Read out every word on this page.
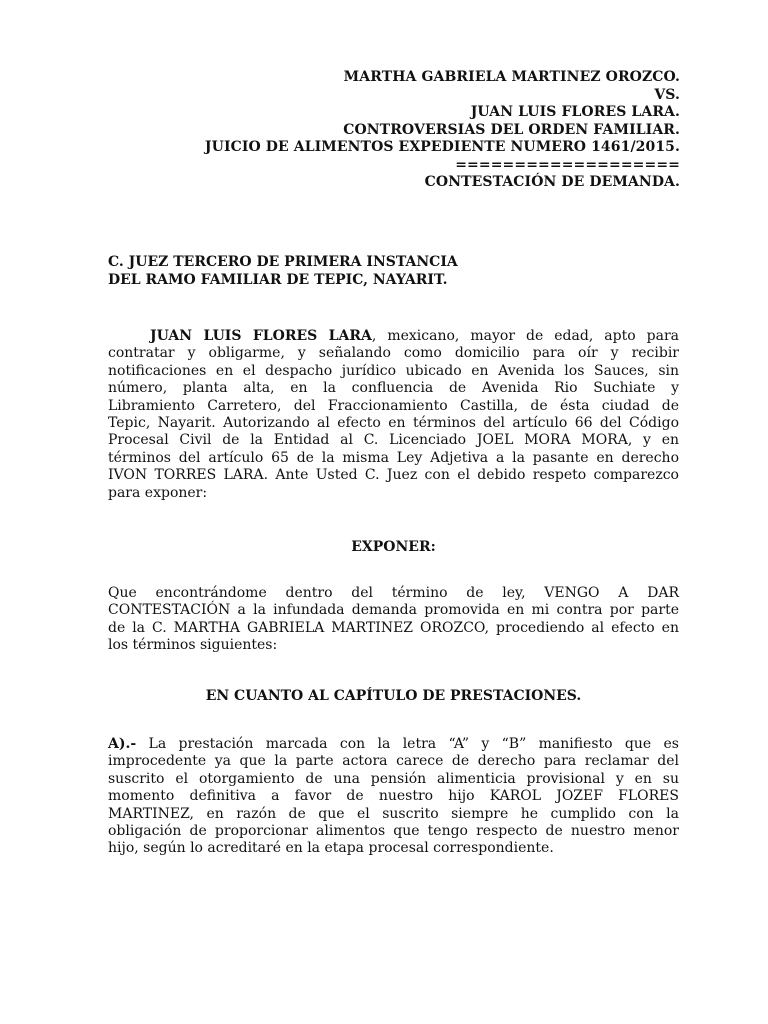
MARTHA GABRIELA MARTINEZ OROZCO.
VS.
JUAN LUIS FLORES LARA.
CONTROVERSIAS DEL ORDEN FAMILIAR.
JUICIO DE ALIMENTOS EXPEDIENTE NUMERO 1461/2015.
===================
CONTESTACIÓN DE DEMANDA.
C. JUEZ TERCERO DE PRIMERA INSTANCIA
DEL RAMO FAMILIAR DE TEPIC, NAYARIT.
JUAN LUIS FLORES LARA, mexicano, mayor de edad, apto para
contratar y obligarme, y señalando como domicilio para oír y recibir
notificaciones en el despacho jurídico ubicado en Avenida los Sauces, sin
número, planta alta, en la confluencia de Avenida Rio Suchiate y
Libramiento Carretero, del Fraccionamiento Castilla, de ésta ciudad de
Tepic, Nayarit. Autorizando al efecto en términos del artículo 66 del Código
Procesal Civil de la Entidad al C. Licenciado JOEL MORA MORA, y en
términos del artículo 65 de la misma Ley Adjetiva a la pasante en derecho
IVON TORRES LARA. Ante Usted C. Juez con el debido respeto comparezco
para exponer:
EXPONER:
Que encontrándome dentro del término de ley, VENGO A DAR
CONTESTACIÓN a la infundada demanda promovida en mi contra por parte
de la C. MARTHA GABRIELA MARTINEZ OROZCO, procediendo al efecto en
los términos siguientes:
EN CUANTO AL CAPÍTULO DE PRESTACIONES.
A).- La prestación marcada con la letra “A” y “B” manifiesto que es
improcedente ya que la parte actora carece de derecho para reclamar del
suscrito el otorgamiento de una pensión alimenticia provisional y en su
momento definitiva a favor de nuestro hijo KAROL JOZEF FLORES
MARTINEZ, en razón de que el suscrito siempre he cumplido con la
obligación de proporcionar alimentos que tengo respecto de nuestro menor
hijo, según lo acreditaré en la etapa procesal correspondiente.
